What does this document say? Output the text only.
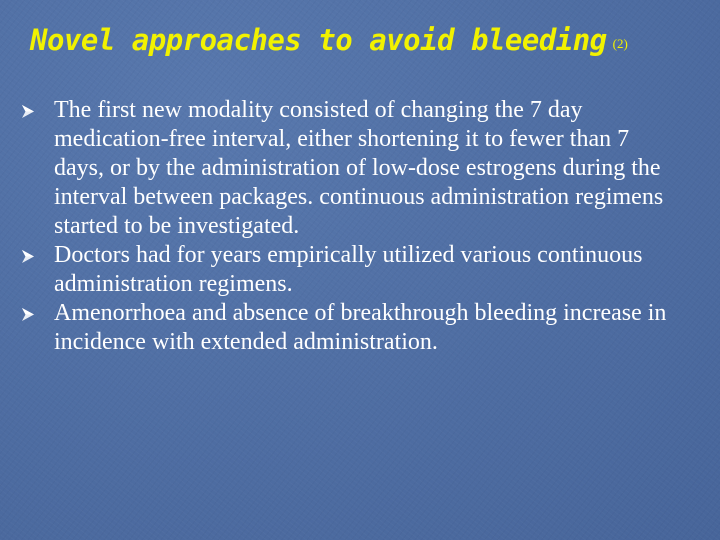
Novel approaches to avoid bleeding (2)
The first new modality consisted of changing the 7 day medication-free interval, either shortening it to fewer than 7 days, or by the administration of low-dose estrogens during the interval between packages. continuous administration regimens started to be investigated.
Doctors had for years empirically utilized various continuous administration regimens.
Amenorrhoea and absence of breakthrough bleeding increase in incidence with extended administration.
